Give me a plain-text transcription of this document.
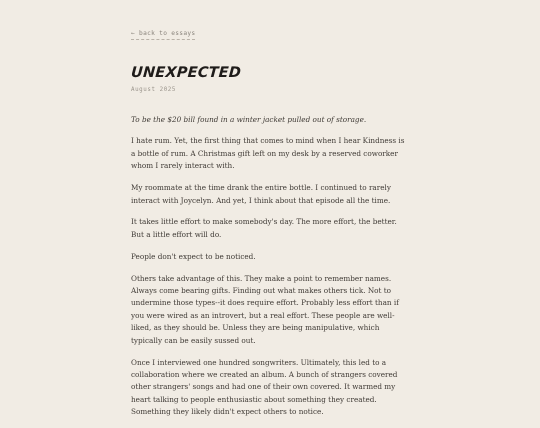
← back to essays
UNEXPECTED
August 2025

To be the $20 bill found in a winter jacket pulled out of storage.

I hate rum. Yet, the first thing that comes to mind when I hear Kindness is a bottle of rum. A Christmas gift left on my desk by a reserved coworker whom I rarely interact with.

My roommate at the time drank the entire bottle. I continued to rarely interact with Joycelyn. And yet, I think about that episode all the time.

It takes little effort to make somebody's day. The more effort, the better. But a little effort will do.

People don't expect to be noticed.

Others take advantage of this. They make a point to remember names. Always come bearing gifts. Finding out what makes others tick. Not to undermine those types--it does require effort. Probably less effort than if you were wired as an introvert, but a real effort. These people are well-liked, as they should be. Unless they are being manipulative, which typically can be easily sussed out.

Once I interviewed one hundred songwriters. Ultimately, this led to a collaboration where we created an album. A bunch of strangers covered other strangers' songs and had one of their own covered. It warmed my heart talking to people enthusiastic about something they created. Something they likely didn't expect others to notice.
